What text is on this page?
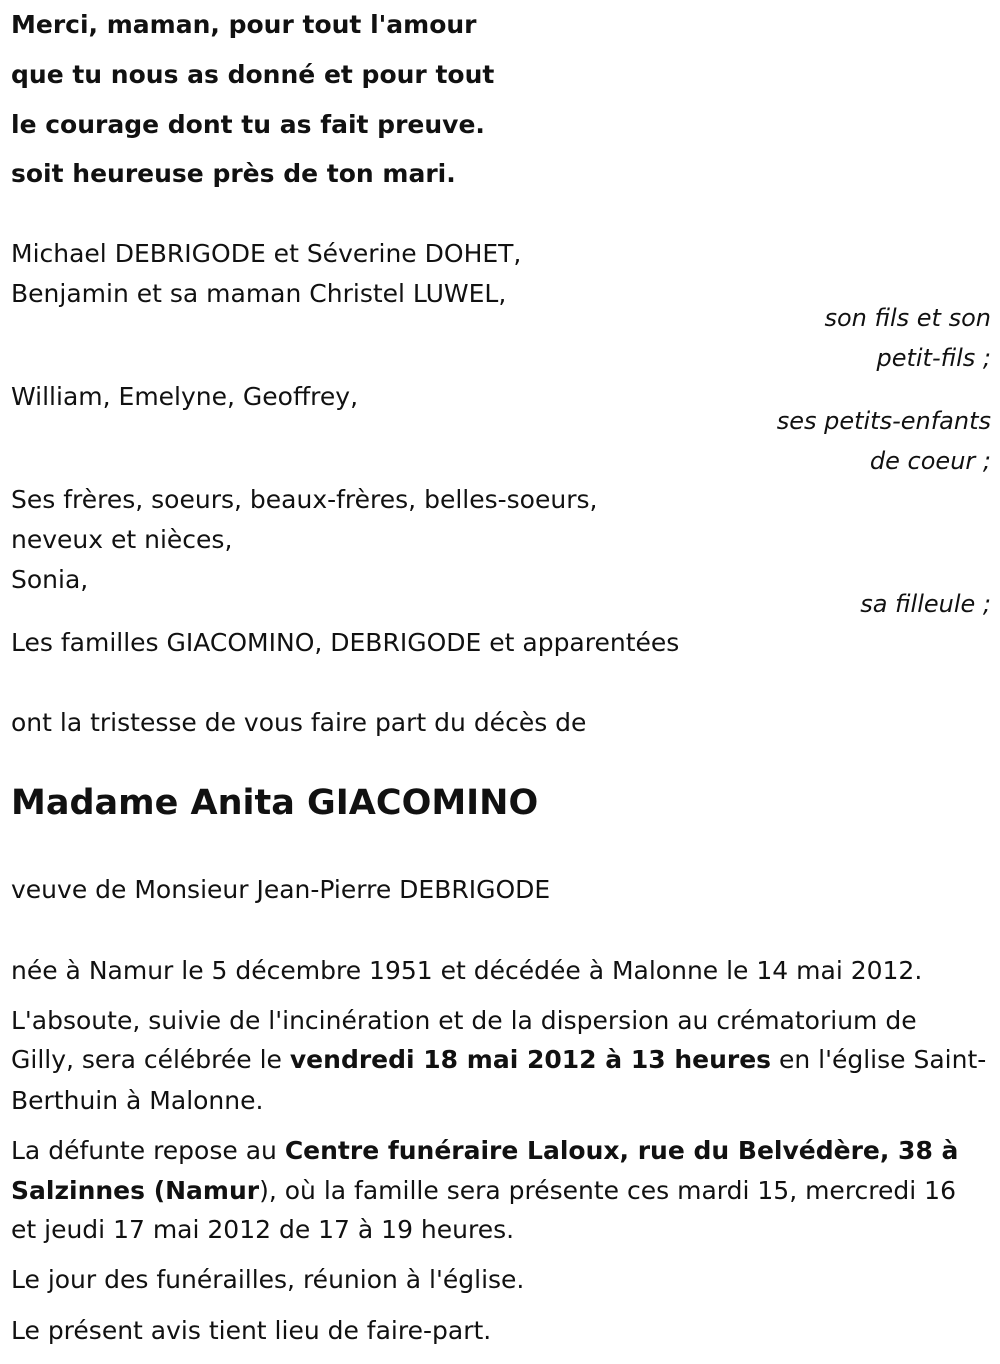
Merci, maman, pour tout l'amour
que tu nous as donné et pour tout
le courage dont tu as fait preuve.
soit heureuse près de ton mari.
Michael DEBRIGODE et Séverine DOHET,
Benjamin et sa maman Christel LUWEL,
son fils et son
petit-fils ;
William, Emelyne, Geoffrey,
ses petits-enfants
de coeur ;
Ses frères, soeurs, beaux-frères, belles-soeurs,
neveux et nièces,
Sonia,
sa filleule ;
Les familles GIACOMINO, DEBRIGODE et apparentées
ont la tristesse de vous faire part du décès de
Madame Anita GIACOMINO
veuve de Monsieur Jean-Pierre DEBRIGODE
née à Namur le 5 décembre 1951 et décédée à Malonne le 14 mai 2012.
L'absoute, suivie de l'incinération et de la dispersion au crématorium de
Gilly, sera célébrée le vendredi 18 mai 2012 à 13 heures en l'église Saint-
Berthuin à Malonne.
La défunte repose au Centre funéraire Laloux, rue du Belvédère, 38 à
Salzinnes (Namur), où la famille sera présente ces mardi 15, mercredi 16
et jeudi 17 mai 2012 de 17 à 19 heures.
Le jour des funérailles, réunion à l'église.
Le présent avis tient lieu de faire-part.
